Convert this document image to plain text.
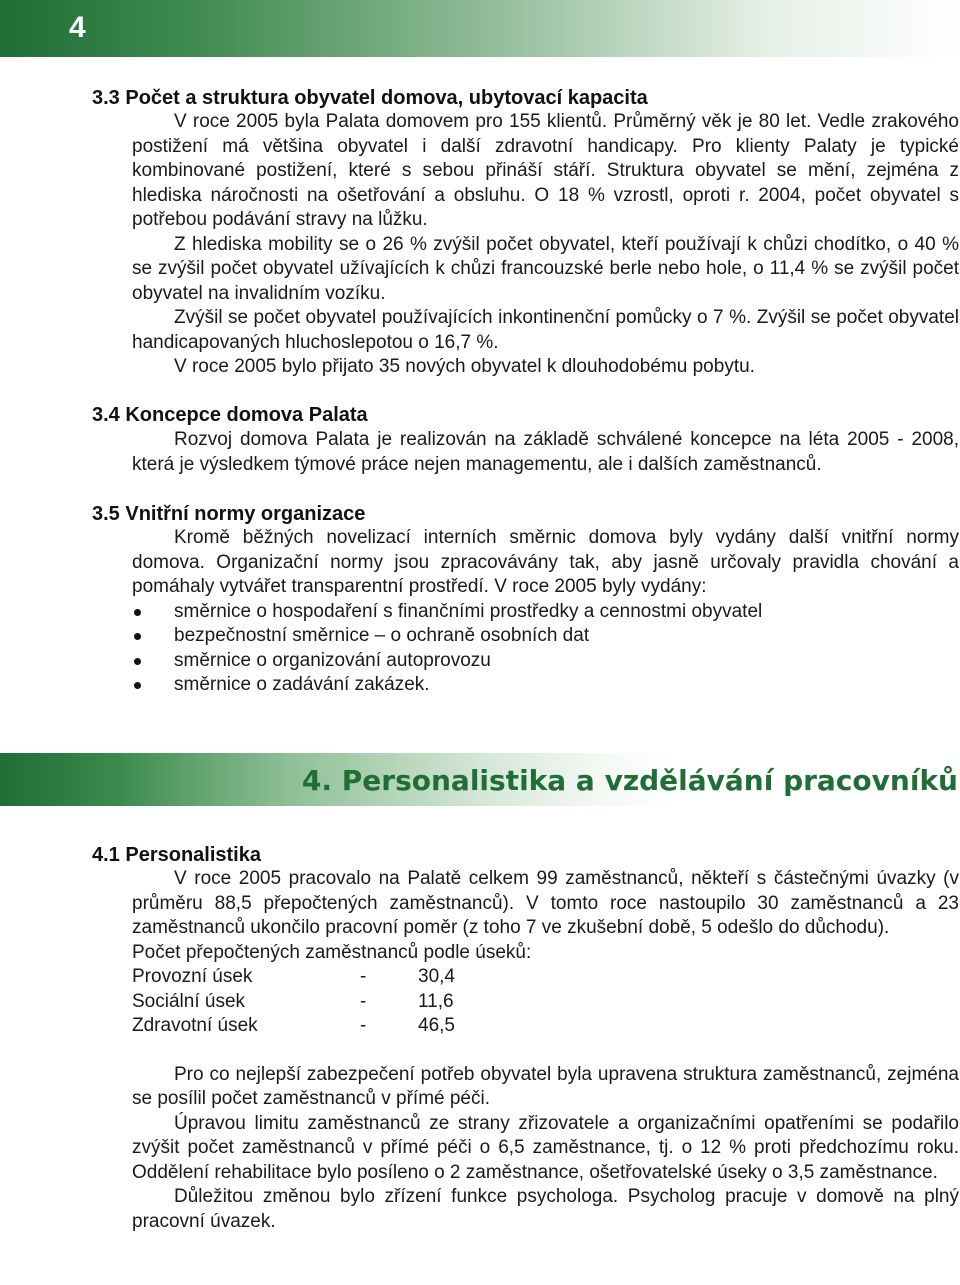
4
3.3 Počet a struktura obyvatel domova, ubytovací kapacita

V roce 2005 byla Palata domovem pro 155 klientů. Průměrný věk je 80 let. Vedle zrakového postižení má většina obyvatel i další zdravotní handicapy. Pro klienty Palaty je typické kombinované postižení, které s sebou přináší stáří. Struktura obyvatel se mění, zejména z hlediska náročnosti na ošetřování a obsluhu. O 18 % vzrostl, oproti r. 2004, počet obyvatel s potřebou podávání stravy na lůžku.

Z hlediska mobility se o 26 % zvýšil počet obyvatel, kteří používají k chůzi chodítko, o 40 % se zvýšil počet obyvatel užívajících k chůzi francouzské berle nebo hole, o 11,4 % se zvýšil počet obyvatel na invalidním vozíku.

Zvýšil se počet obyvatel používajících inkontinenční pomůcky o 7 %. Zvýšil se počet obyvatel handicapovaných hluchoslepotou o 16,7 %.

V roce 2005 bylo přijato 35 nových obyvatel k dlouhodobému pobytu.

3.4 Koncepce domova Palata

Rozvoj domova Palata je realizován na základě schválené koncepce na léta 2005 - 2008, která je výsledkem týmové práce nejen managementu, ale i dalších zaměstnanců.

3.5 Vnitřní normy organizace

Kromě běžných novelizací interních směrnic domova byly vydány další vnitřní normy domova. Organizační normy jsou zpracovávány tak, aby jasně určovaly pravidla chování a pomáhaly vytvářet transparentní prostředí. V roce 2005 byly vydány:

směrnice o hospodaření s finančními prostředky a cennostmi obyvatel
bezpečnostní směrnice – o ochraně osobních dat
směrnice o organizování autoprovozu
směrnice o zadávání zakázek.
4. Personalistika a vzdělávání pracovníků
4.1 Personalistika

V roce 2005 pracovalo na Palatě celkem 99 zaměstnanců, někteří s částečnými úvazky (v průměru 88,5 přepočtených zaměstnanců). V tomto roce nastoupilo 30 zaměstnanců a 23 zaměstnanců ukončilo pracovní poměr (z toho 7 ve zkušební době, 5 odešlo do důchodu).

Počet přepočtených zaměstnanců podle úseků:

Provozní úsek	-	30,4
Sociální úsek	-	11,6
Zdravotní úsek	-	46,5

Pro co nejlepší zabezpečení potřeb obyvatel byla upravena struktura zaměstnanců, zejména se posílil počet zaměstnanců v přímé péči.

Úpravou limitu zaměstnanců ze strany zřizovatele a organizačními opatřeními se podařilo zvýšit počet zaměstnanců v přímé péči o 6,5 zaměstnance, tj. o 12 % proti předchozímu roku. Oddělení rehabilitace bylo posíleno o 2 zaměstnance, ošetřovatelské úseky o 3,5 zaměstnance.

Důležitou změnou bylo zřízení funkce psychologa. Psycholog pracuje v domově na plný pracovní úvazek.
